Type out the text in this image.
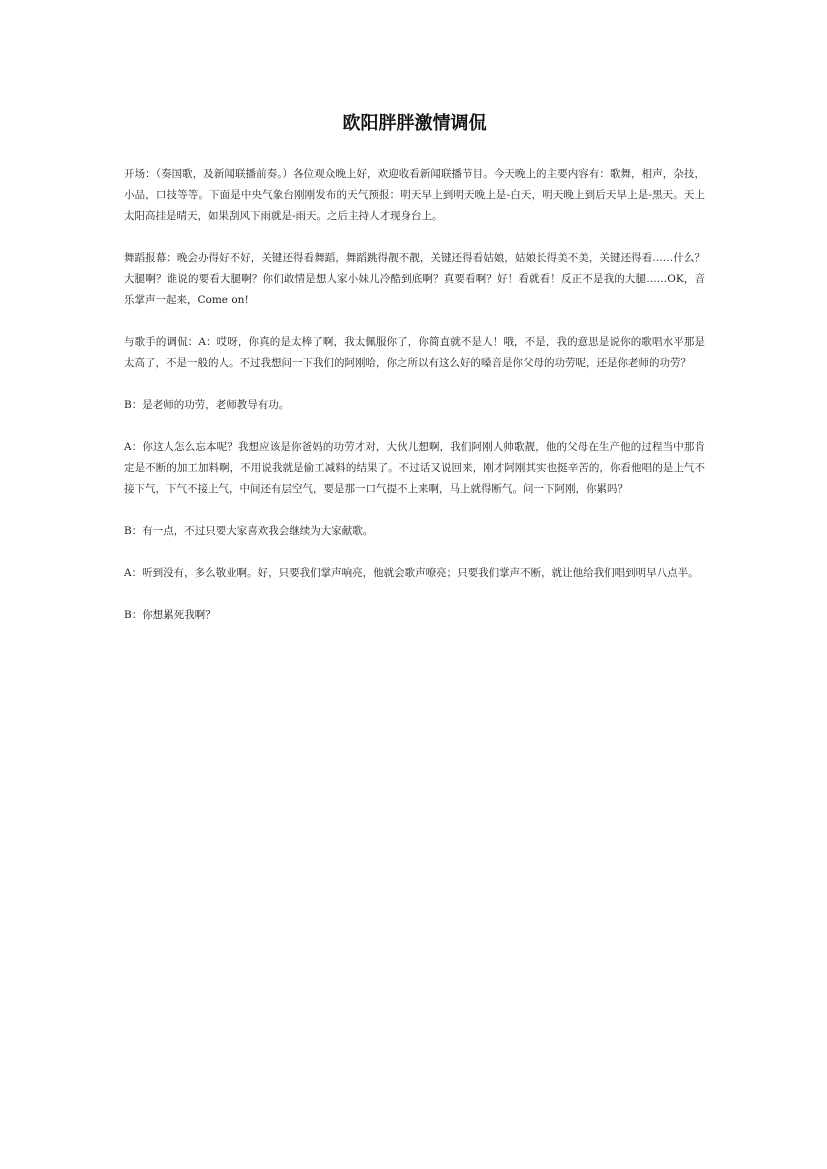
欧阳胖胖激情调侃

开场：（奏国歌，及新闻联播前奏。）各位观众晚上好，欢迎收看新闻联播节目。今天晚上的主要内容有：歌舞，相声，杂技，小品，口技等等。下面是中央气象台刚刚发布的天气预报：明天早上到明天晚上是-白天，明天晚上到后天早上是-黑天。天上太阳高挂是晴天，如果刮风下雨就是-雨天。之后主持人才现身台上。

舞蹈报幕：晚会办得好不好，关键还得看舞蹈，舞蹈跳得靓不靓，关键还得看姑娘，姑娘长得美不美，关键还得看……什么？大腿啊？谁说的要看大腿啊？你们敢情是想人家小妹儿冷酷到底啊？真要看啊？好！看就看！反正不是我的大腿……OK，音乐掌声一起来，Come on!

与歌手的调侃：A：哎呀，你真的是太棒了啊，我太佩服你了，你简直就不是人！哦，不是，我的意思是说你的歌唱水平那是太高了，不是一般的人。不过我想问一下我们的阿刚哈，你之所以有这么好的嗓音是你父母的功劳呢，还是你老师的功劳？

B：是老师的功劳，老师教导有功。

A：你这人怎么忘本呢？我想应该是你爸妈的功劳才对，大伙儿想啊，我们阿刚人帅歌靓，他的父母在生产他的过程当中那肯定是不断的加工加料啊，不用说我就是偷工减料的结果了。不过话又说回来，刚才阿刚其实也挺辛苦的，你看他唱的是上气不接下气，下气不接上气，中间还有层空气，要是那一口气提不上来啊，马上就得断气。问一下阿刚，你累吗？

B：有一点，不过只要大家喜欢我会继续为大家献歌。

A：听到没有，多么敬业啊。好，只要我们掌声响亮，他就会歌声嘹亮；只要我们掌声不断，就让他给我们唱到明早八点半。

B：你想累死我啊？
